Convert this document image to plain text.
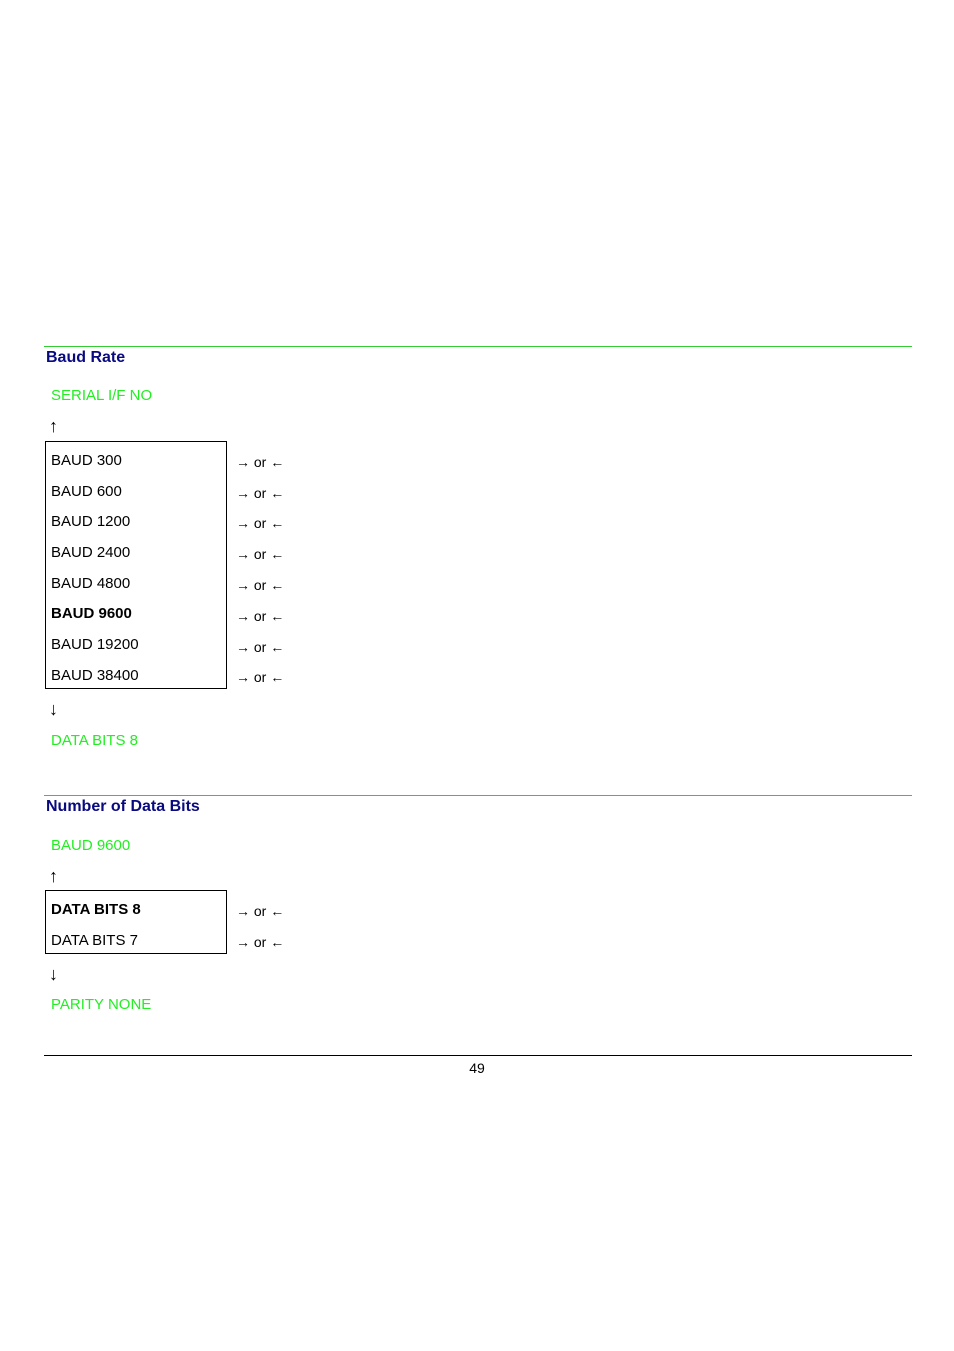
Baud Rate
SERIAL I/F NO
↑
BAUD 300	→ or ←
BAUD 600	→ or ←
BAUD 1200	→ or ←
BAUD 2400	→ or ←
BAUD 4800	→ or ←
BAUD 9600	→ or ←
BAUD 19200	→ or ←
BAUD 38400	→ or ←
↓
DATA BITS 8
Number of Data Bits
BAUD 9600
↑
DATA BITS 8	→ or ←
DATA BITS 7	→ or ←
↓
PARITY NONE
49
